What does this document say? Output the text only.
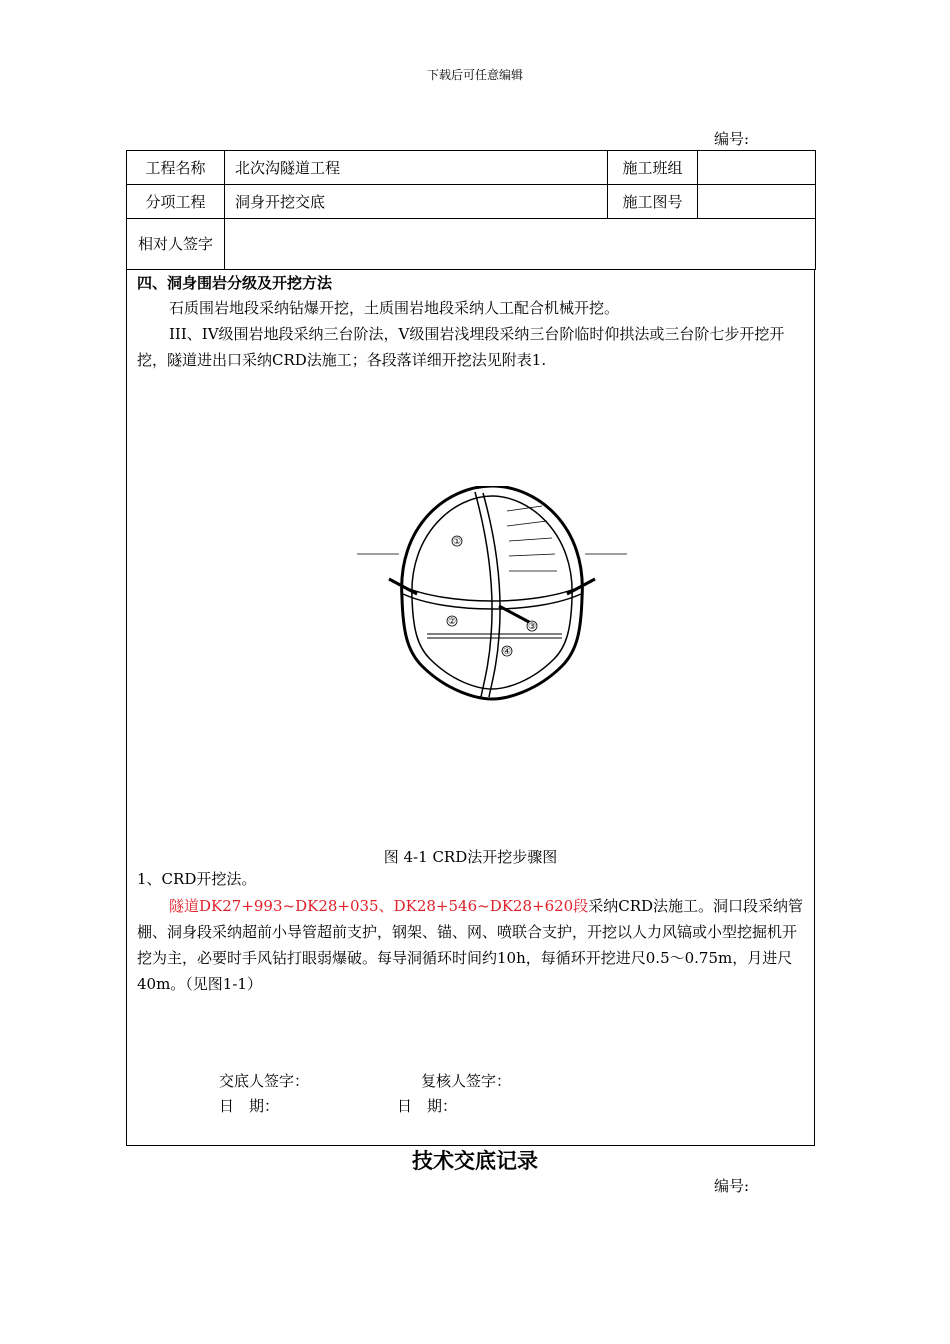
下载后可任意编辑
编号:
工程名称	北次沟隧道工程	施工班组	
分项工程	洞身开挖交底	施工图号	
相对人签字			
四、洞身围岩分级及开挖方法
石质围岩地段采纳钻爆开挖，土质围岩地段采纳人工配合机械开挖。
III、IV级围岩地段采纳三台阶法，V级围岩浅埋段采纳三台阶临时仰拱法或三台阶七步开挖开挖，隧道进出口采纳CRD法施工；各段落详细开挖法见附表1.
①
②	③
④
图 4-1 CRD法开挖步骤图
1、CRD开挖法。
隧道DK27+993~DK28+035、DK28+546~DK28+620段采纳CRD法施工。洞口段采纳管棚、洞身段采纳超前小导管超前支护，钢架、锚、网、喷联合支护，开挖以人力风镐或小型挖掘机开挖为主，必要时手风钻打眼弱爆破。每导洞循环时间约10h，每循环开挖进尺0.5～0.75m，月进尺40m。（见图1-1）
交底人签字：	复核人签字：
日　期：	日　期：
技术交底记录
编号:
